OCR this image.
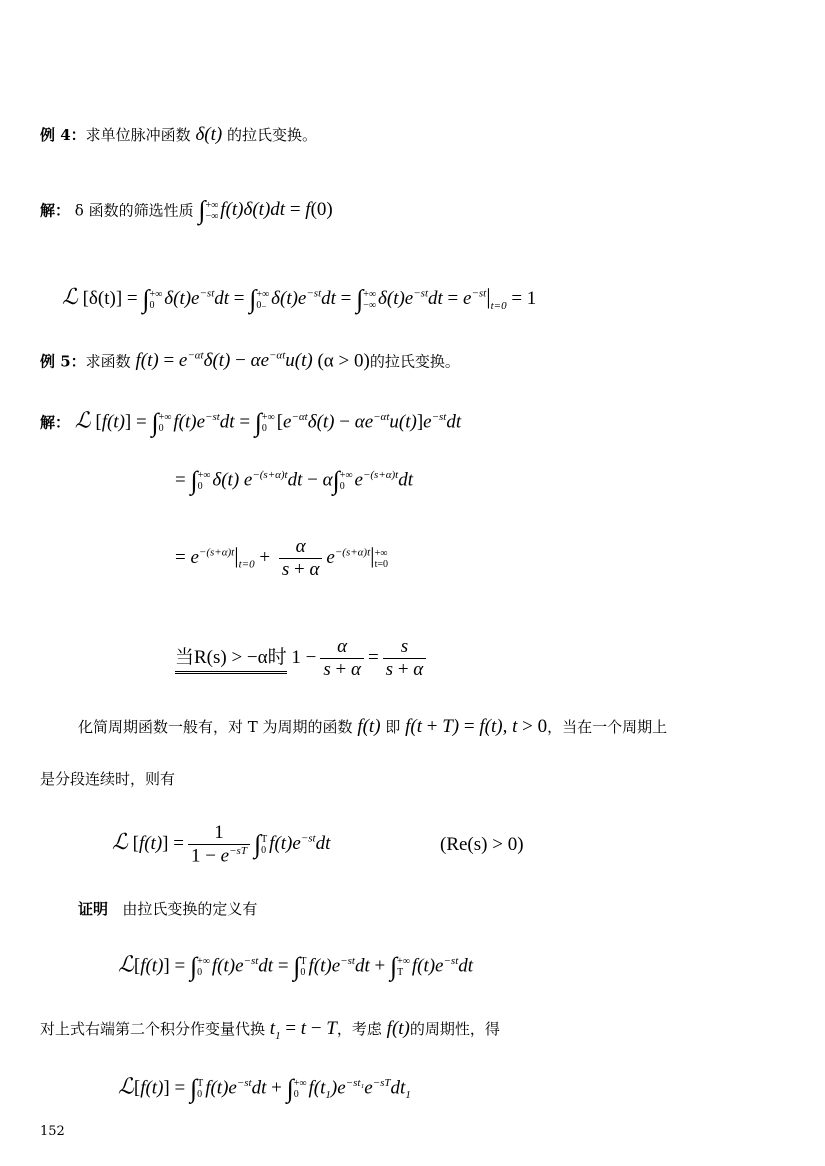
例 4：求单位脉冲函数 δ(t) 的拉氏变换。
解： δ 函数的筛选性质 ∫ +∞
−∞ f(t)δ(t)dt = f(0)
ℒ [δ(t)] = ∫ +∞
0 $\delta(t)e^{-st}dt$ = ∫ +∞
0₋ $\delta(t)e^{-st}dt$ = ∫ +∞
−∞ $\delta(t)e^{-st}dt = e^{-st}|_{t=0} = 1$
例 5：求函数 $f(t) = e^{-\alpha t}\delta(t) - \alpha e^{-\alpha t}u(t) (\alpha > 0)$的拉氏变换。
解： ℒ [f(t)] = ∫ +∞
0 $f(t)e^{-st}dt$ = ∫ +∞
0 $[e^{-\alpha t}\delta(t) - \alpha e^{-\alpha t}u(t)]e^{-st}dt$
= ∫ +∞
0 δ(t) $e^{-(s+\alpha)t}dt - \alpha\int$ +∞
0 $e^{-(s+\alpha)t}dt$
= $e^{-(s+\alpha)t}|_{t=0} + \frac{\alpha}{s + \alpha} e^{-(s+\alpha)t}|$ +∞
t=0
当R(s) > −α时 $1 - \frac{\alpha}{s + \alpha} = \frac{s}{s + \alpha}$
化简周期函数一般有，对 T 为周期的函数 f(t) 即 f(t + T) = f(t), t > 0，当在一个周期上
是分段连续时，则有
ℒ $[f(t)] = \frac{1}{1 - e^{-sT}}$ ∫ T
0 $f(t)e^{-st}dt$	(Re(s) > 0)
证明 由拉氏变换的定义有
ℒ[f(t)] = ∫ +∞
0 $f(t)e^{-st}dt$ = ∫ T
0 $f(t)e^{-st}dt$ + ∫ +∞
T $f(t)e^{-st}dt$
对上式右端第二个积分作变量代换 $t_1 = t - T$，考虑 f(t)的周期性，得
ℒ[f(t)] = ∫ T
0 $f(t)e^{-st}dt$ + ∫ +∞
0 $f(t_1)e^{-st_1}e^{-sT}dt_1$
152
